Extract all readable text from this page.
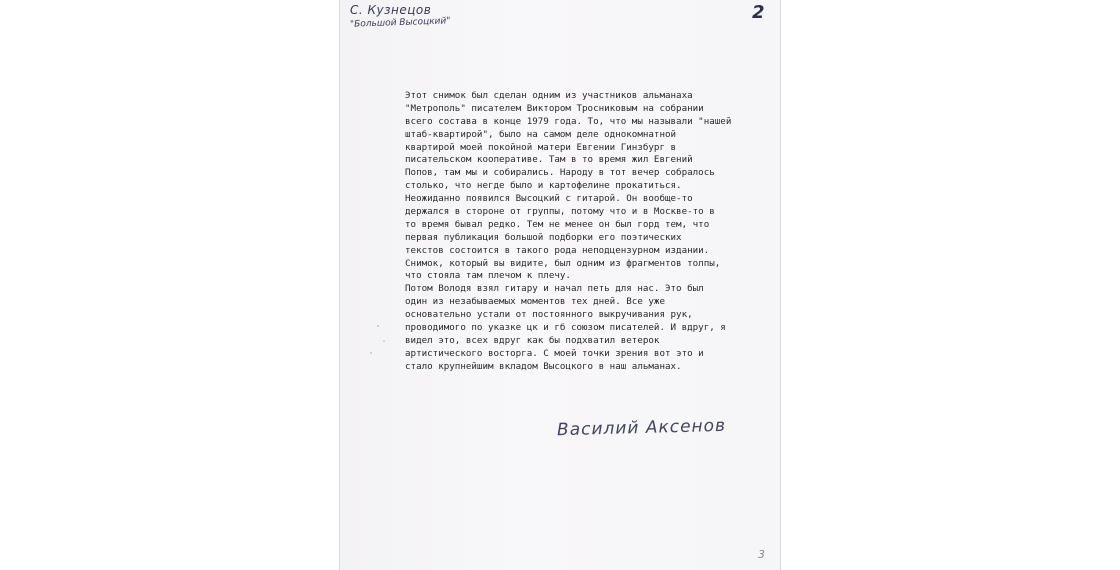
С. Кузнецов
"Большой Высоцкий"	2
Этот снимок был сделан одним из участников альманаха
"Метрополь" писателем Виктором Тросниковым на собрании
всего состава в конце 1979 года. То, что мы называли "нашей
штаб-квартирой", было на самом деле однокомнатной
квартирой моей покойной матери Евгении Гинзбург в
писательском кооперативе. Там в то время жил Евгений
Попов, там мы и собирались. Народу в тот вечер собралось
столько, что негде было и картофелине прокатиться.
Неожиданно появился Высоцкий с гитарой. Он вообще-то
держался в стороне от группы, потому что и в Москве-то в
то время бывал редко. Тем не менее он был горд тем, что
первая публикация большой подборки его поэтических
текстов состоится в такого рода неподцензурном издании.
Снимок, который вы видите, был одним из фрагментов толпы,
что стояла там плечом к плечу.
Потом Володя взял гитару и начал петь для нас. Это был
один из незабываемых моментов тех дней. Все уже
основательно устали от постоянного выкручивания рук,
проводимого по указке цк и гб союзом писателей. И вдруг, я
видел это, всех вдруг как бы подхватил ветерок
артистического восторга. С моей точки зрения вот это и
стало крупнейшим вкладом Высоцкого в наш альманах.
Василий Аксенов
3
